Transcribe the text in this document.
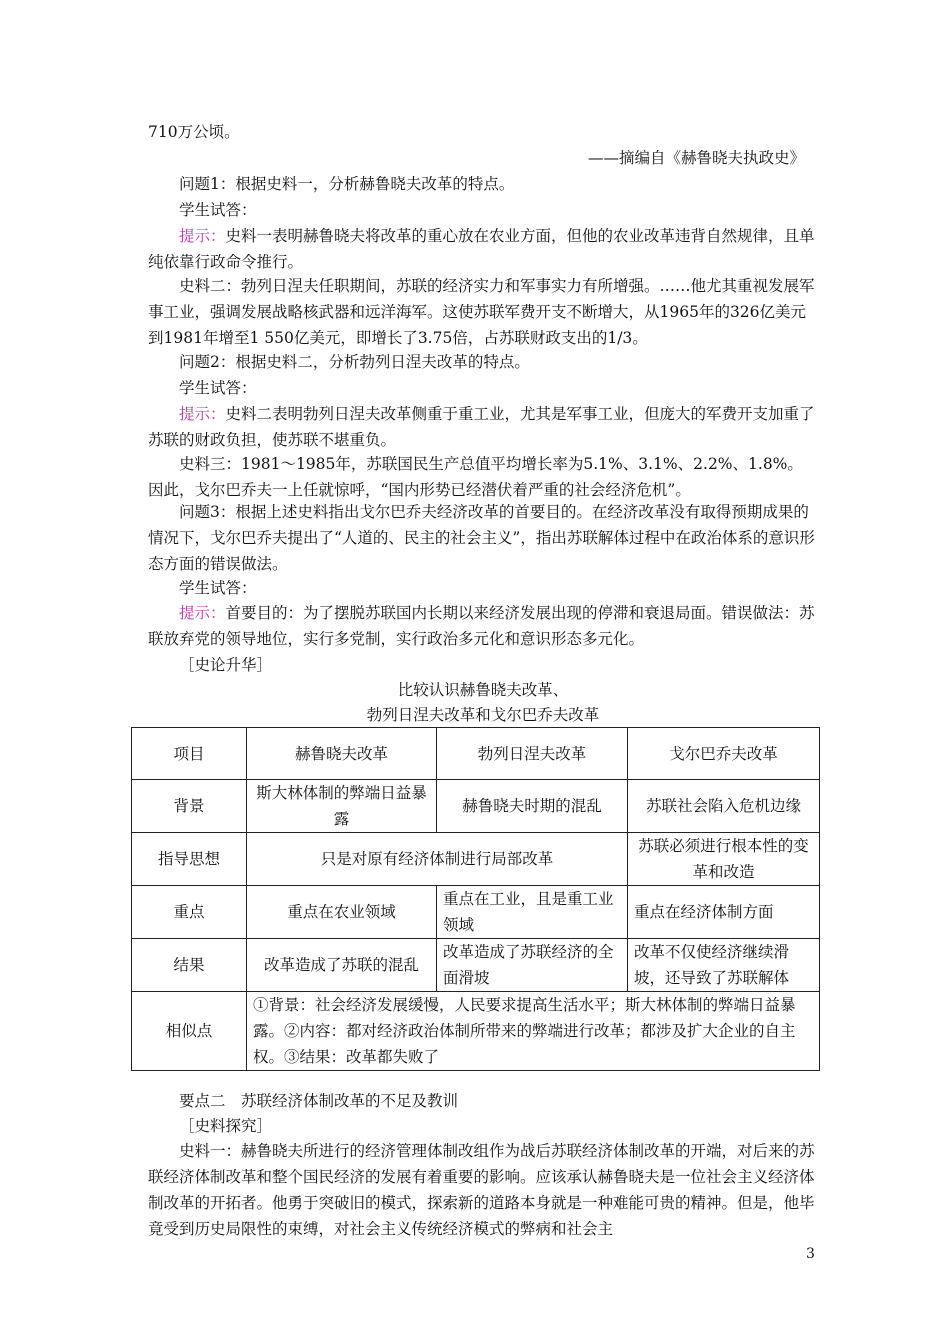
710万公顷。

——摘编自《赫鲁晓夫执政史》

问题1：根据史料一，分析赫鲁晓夫改革的特点。

学生试答：

提示：史料一表明赫鲁晓夫将改革的重心放在农业方面，但他的农业改革违背自然规律，且单纯依靠行政命令推行。

史料二：勃列日涅夫任职期间，苏联的经济实力和军事实力有所增强。……他尤其重视发展军事工业，强调发展战略核武器和远洋海军。这使苏联军费开支不断增大，从1965年的326亿美元到1981年增至1 550亿美元，即增长了3.75倍，占苏联财政支出的1/3。

问题2：根据史料二，分析勃列日涅夫改革的特点。

学生试答：

提示：史料二表明勃列日涅夫改革侧重于重工业，尤其是军事工业，但庞大的军费开支加重了苏联的财政负担，使苏联不堪重负。

史料三：1981～1985年，苏联国民生产总值平均增长率为5.1%、3.1%、2.2%、1.8%。因此，戈尔巴乔夫一上任就惊呼，“国内形势已经潜伏着严重的社会经济危机”。

问题3：根据上述史料指出戈尔巴乔夫经济改革的首要目的。在经济改革没有取得预期成果的情况下，戈尔巴乔夫提出了“人道的、民主的社会主义”，指出苏联解体过程中在政治体系的意识形态方面的错误做法。

学生试答：

提示：首要目的：为了摆脱苏联国内长期以来经济发展出现的停滞和衰退局面。错误做法：苏联放弃党的领导地位，实行多党制，实行政治多元化和意识形态多元化。

［史论升华］

比较认识赫鲁晓夫改革、

勃列日涅夫改革和戈尔巴乔夫改革

项目	赫鲁晓夫改革	勃列日涅夫改革	戈尔巴乔夫改革
背景	斯大林体制的弊端日益暴露	赫鲁晓夫时期的混乱	苏联社会陷入危机边缘
指导思想	只是对原有经济体制进行局部改革		苏联必须进行根本性的变革和改造
重点	重点在农业领域	重点在工业，且是重工业领域	重点在经济体制方面
结果	改革造成了苏联的混乱	改革造成了苏联经济的全面滑坡	改革不仅使经济继续滑坡，还导致了苏联解体
相似点	①背景：社会经济发展缓慢，人民要求提高生活水平；斯大林体制的弊端日益暴露。②内容：都对经济政治体制所带来的弊端进行改革；都涉及扩大企业的自主权。③结果：改革都失败了		

要点二　苏联经济体制改革的不足及教训

［史料探究］

史料一：赫鲁晓夫所进行的经济管理体制改组作为战后苏联经济体制改革的开端，对后来的苏联经济体制改革和整个国民经济的发展有着重要的影响。应该承认赫鲁晓夫是一位社会主义经济体制改革的开拓者。他勇于突破旧的模式，探索新的道路本身就是一种难能可贵的精神。但是，他毕竟受到历史局限性的束缚，对社会主义传统经济模式的弊病和社会主

3
